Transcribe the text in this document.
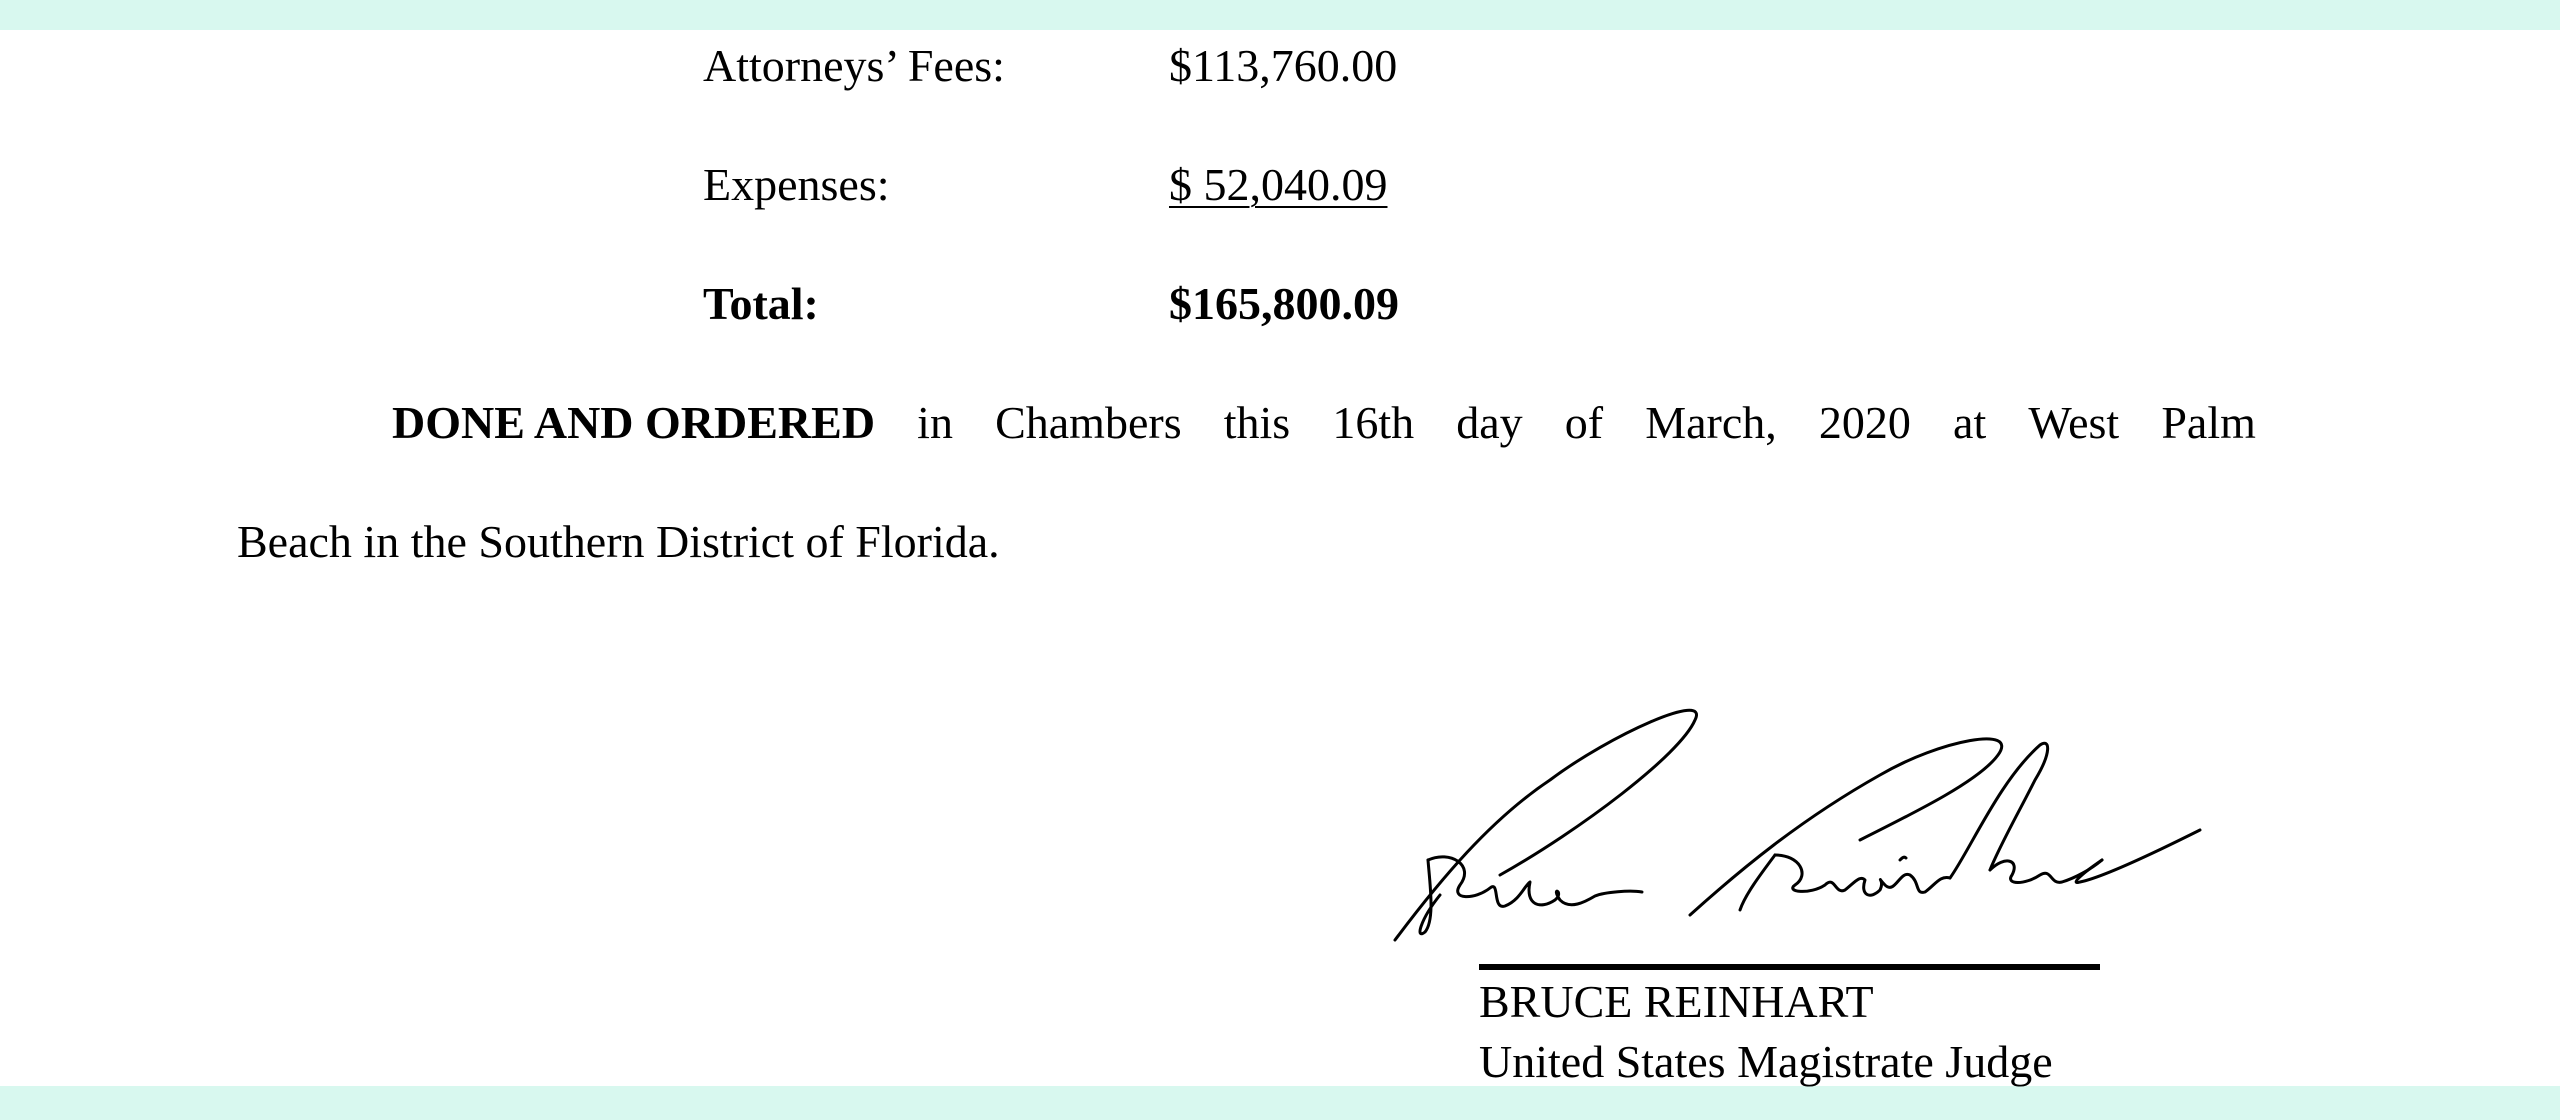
Attorneys’ Fees:	$113,760.00
Expenses:	$ 52,040.09
Total:	$165,800.09
DONE AND ORDERED in Chambers this 16th day of March, 2020 at West Palm
Beach in the Southern District of Florida.
BRUCE REINHART
United States Magistrate Judge
